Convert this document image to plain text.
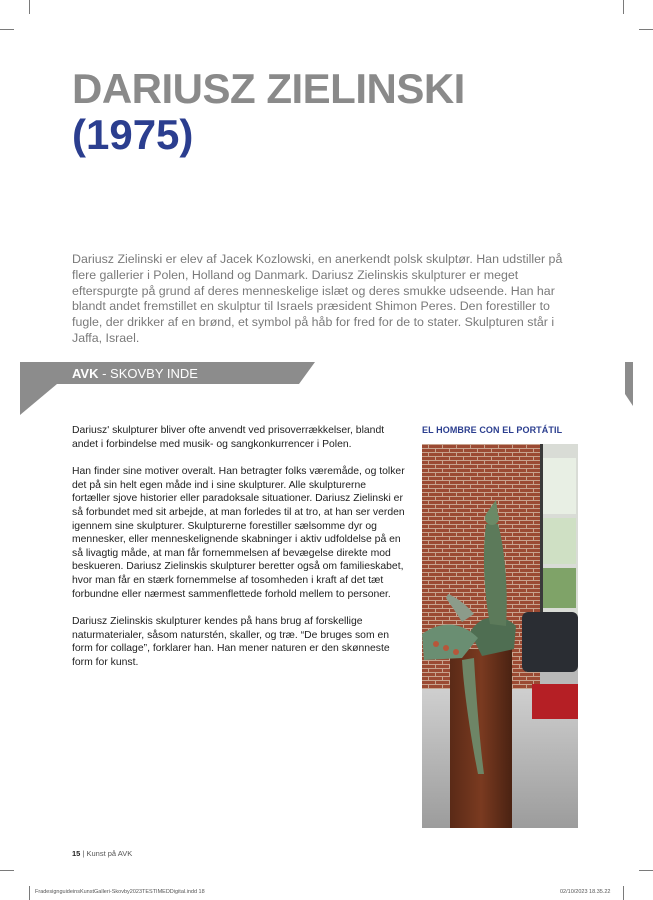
DARIUSZ ZIELINSKI
(1975)

Dariusz Zielinski er elev af Jacek Kozlowski, en anerkendt polsk skulptør. Han udstiller på flere gallerier i Polen, Holland og Danmark. Dariusz Zielinskis skulpturer er meget efterspurgte på grund af deres menneskelige islæt og deres smukke udseende. Han har blandt andet fremstillet en skulptur til Israels præsident Shimon Peres. Den forestiller to fugle, der drikker af en brønd, et symbol på håb for fred for de to stater. Skulpturen står i Jaffa, Israel.

AVK - SKOVBY INDE

Dariusz' skulpturer bliver ofte anvendt ved prisoverrækkelser, blandt andet i forbindelse med musik- og sangkonkurrencer i Polen.

Han finder sine motiver overalt. Han betragter folks væremåde, og tolker det på sin helt egen måde ind i sine skulpturer. Alle skulpturerne fortæller sjove historier eller paradoksale situationer. Dariusz Zielinski er så forbundet med sit arbejde, at man forledes til at tro, at han ser verden igennem sine skulpturer. Skulpturerne forestiller sælsomme dyr og mennesker, eller menneskelignende skabninger i aktiv udfoldelse på en så livagtig måde, at man får fornemmelsen af bevægelse direkte mod beskueren. Dariusz Zielinskis skulpturer beretter også om familieskabet, hvor man får en stærk fornemmelse af tosomheden i kraft af det tæt forbundne eller nærmest sammenflettede forhold mellem to personer.

Dariusz Zielinskis skulpturer kendes på hans brug af forskellige naturmaterialer, såsom naturstén, skaller, og træ. “De bruges som en form for collage”, forklarer han. Han mener naturen er den skønneste form for kunst.

EL HOMBRE CON EL PORTÁTIL
15 | Kunst på AVK
FradesignguideinsKunstGalleri-Skovby2023TESTIMEDDigital.indd 18	02/10/2023 18.35.22
